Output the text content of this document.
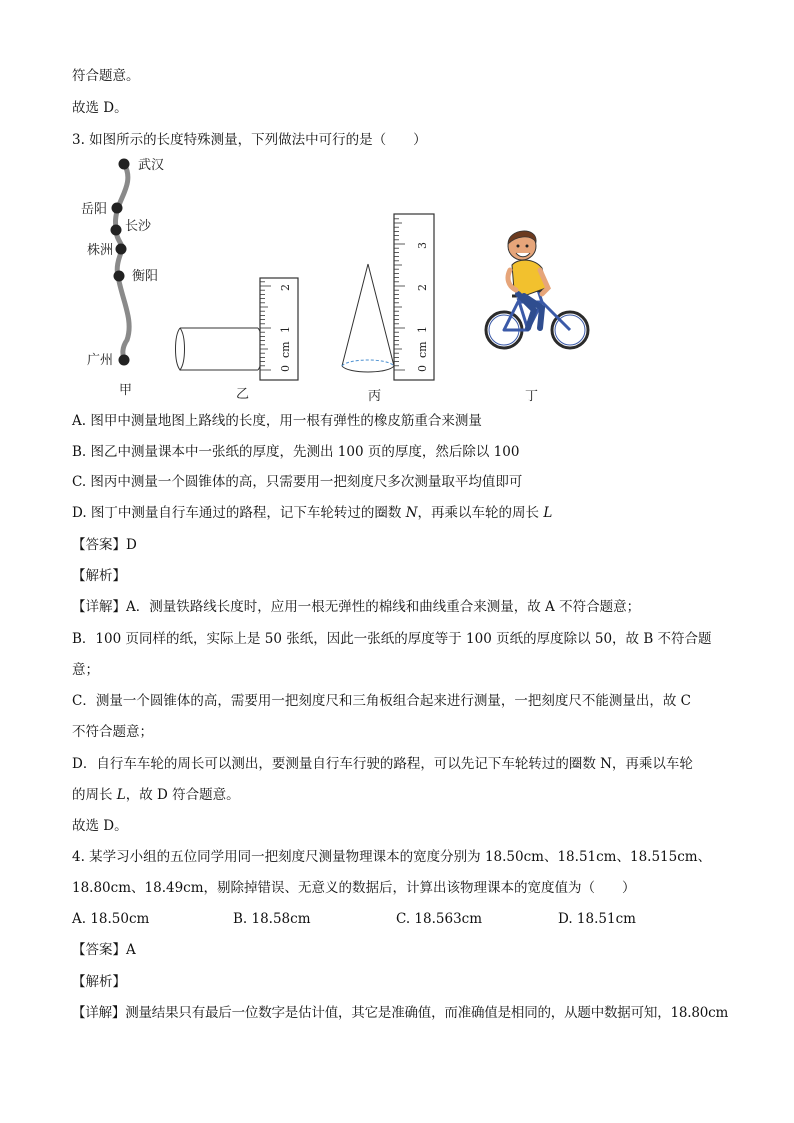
符合题意。
故选 D。
3. 如图所示的长度特殊测量，下列做法中可行的是（　　）
武汉
岳阳
长沙
株洲
衡阳
广州
甲
0
cm
1
2
乙
0
cm
1
2
3
丙	丁
A. 图甲中测量地图上路线的长度，用一根有弹性的橡皮筋重合来测量
B. 图乙中测量课本中一张纸的厚度，先测出 100 页的厚度，然后除以 100
C. 图丙中测量一个圆锥体的高，只需要用一把刻度尺多次测量取平均值即可
D. 图丁中测量自行车通过的路程，记下车轮转过的圈数 N，再乘以车轮的周长 L
【答案】D
【解析】
【详解】A．测量铁路线长度时，应用一根无弹性的棉线和曲线重合来测量，故 A 不符合题意；
B．100 页同样的纸，实际上是 50 张纸，因此一张纸的厚度等于 100 页纸的厚度除以 50，故 B 不符合题
意；
C．测量一个圆锥体的高，需要用一把刻度尺和三角板组合起来进行测量，一把刻度尺不能测量出，故 C
不符合题意；
D．自行车车轮的周长可以测出，要测量自行车行驶的路程，可以先记下车轮转过的圈数 N，再乘以车轮
的周长 L，故 D 符合题意。
故选 D。
4. 某学习小组的五位同学用同一把刻度尺测量物理课本的宽度分别为 18.50cm、18.51cm、18.515cm、
18.80cm、18.49cm，剔除掉错误、无意义的数据后，计算出该物理课本的宽度值为（　　）
A. 18.50cm	B. 18.58cm	C. 18.563cm	D. 18.51cm
【答案】A
【解析】
【详解】测量结果只有最后一位数字是估计值，其它是准确值，而准确值是相同的，从题中数据可知，18.80cm
